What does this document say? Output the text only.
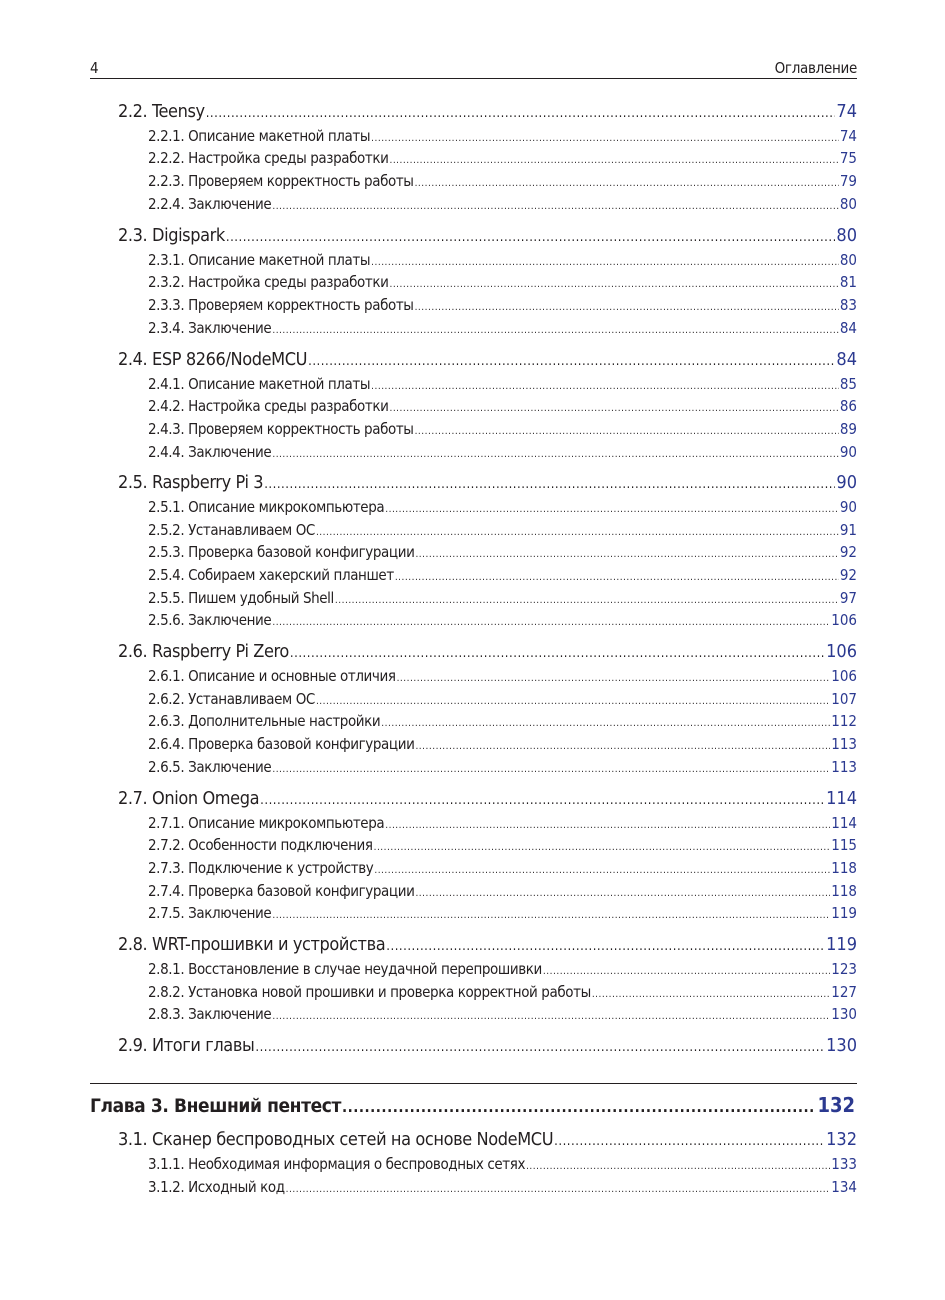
4	Оглавление
2.2. Teensy .....	74
2.2.1. Описание макетной платы .....	74
2.2.2. Настройка среды разработки .....	75
2.2.3. Проверяем корректность работы .....	79
2.2.4. Заключение .....	80
2.3. Digispark .....	80
2.3.1. Описание макетной платы .....	80
2.3.2. Настройка среды разработки .....	81
2.3.3. Проверяем корректность работы .....	83
2.3.4. Заключение .....	84
2.4. ESP 8266/NodeMCU .....	84
2.4.1. Описание макетной платы .....	85
2.4.2. Настройка среды разработки .....	86
2.4.3. Проверяем корректность работы .....	89
2.4.4. Заключение .....	90
2.5. Raspberry Pi 3 .....	90
2.5.1. Описание микрокомпьютера .....	90
2.5.2. Устанавливаем ОС .....	91
2.5.3. Проверка базовой конфигурации .....	92
2.5.4. Собираем хакерский планшет .....	92
2.5.5. Пишем удобный Shell .....	97
2.5.6. Заключение .....	106
2.6. Raspberry Pi Zero .....	106
2.6.1. Описание и основные отличия .....	106
2.6.2. Устанавливаем ОС .....	107
2.6.3. Дополнительные настройки .....	112
2.6.4. Проверка базовой конфигурации .....	113
2.6.5. Заключение .....	113
2.7. Onion Omega .....	114
2.7.1. Описание микрокомпьютера .....	114
2.7.2. Особенности подключения .....	115
2.7.3. Подключение к устройству .....	118
2.7.4. Проверка базовой конфигурации .....	118
2.7.5. Заключение .....	119
2.8. WRT-прошивки и устройства .....	119
2.8.1. Восстановление в случае неудачной перепрошивки .....	123
2.8.2. Установка новой прошивки и проверка корректной работы .....	127
2.8.3. Заключение .....	130
2.9. Итоги главы .....	130
Глава 3. Внешний пентест .....	132
3.1. Сканер беспроводных сетей на основе NodeMCU .....	132
3.1.1. Необходимая информация о беспроводных сетях .....	133
3.1.2. Исходный код .....	134
